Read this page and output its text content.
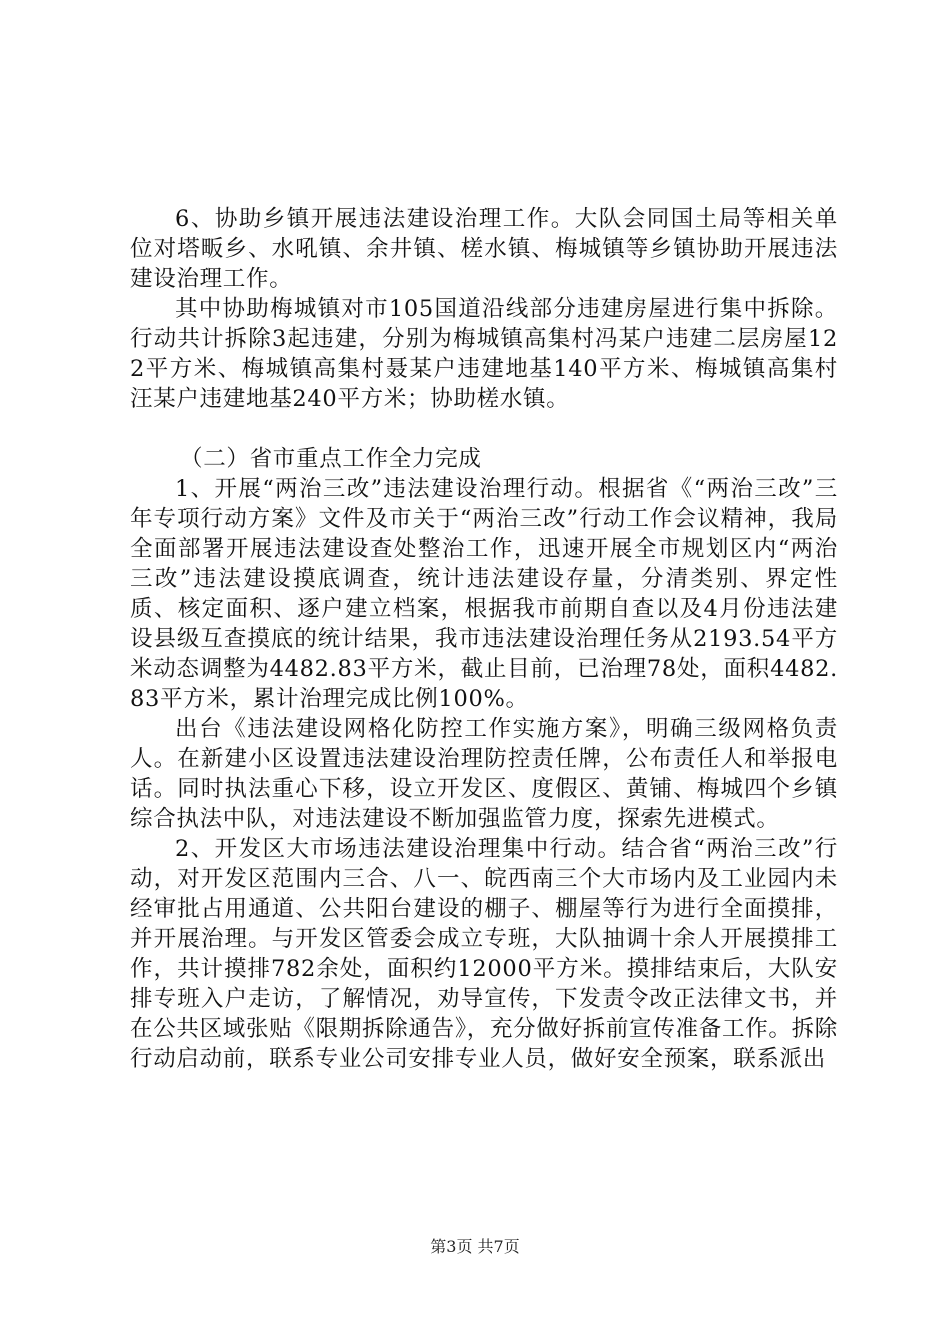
6、协助乡镇开展违法建设治理工作。大队会同国土局等相关单位对塔畈乡、水吼镇、余井镇、槎水镇、梅城镇等乡镇协助开展违法建设治理工作。

其中协助梅城镇对市105国道沿线部分违建房屋进行集中拆除。行动共计拆除3起违建，分别为梅城镇高集村冯某户违建二层房屋122平方米、梅城镇高集村聂某户违建地基140平方米、梅城镇高集村汪某户违建地基240平方米；协助槎水镇。

（二）省市重点工作全力完成

1、开展“两治三改”违法建设治理行动。根据省《“两治三改”三年专项行动方案》文件及市关于“两治三改”行动工作会议精神，我局全面部署开展违法建设查处整治工作，迅速开展全市规划区内“两治三改”违法建设摸底调查，统计违法建设存量，分清类别、界定性质、核定面积、逐户建立档案，根据我市前期自查以及4月份违法建设县级互查摸底的统计结果，我市违法建设治理任务从2193.54平方米动态调整为4482.83平方米，截止目前，已治理78处，面积4482.83平方米，累计治理完成比例100%。

出台《违法建设网格化防控工作实施方案》，明确三级网格负责人。在新建小区设置违法建设治理防控责任牌，公布责任人和举报电话。同时执法重心下移，设立开发区、度假区、黄铺、梅城四个乡镇综合执法中队，对违法建设不断加强监管力度，探索先进模式。

2、开发区大市场违法建设治理集中行动。结合省“两治三改”行动，对开发区范围内三合、八一、皖西南三个大市场内及工业园内未经审批占用通道、公共阳台建设的棚子、棚屋等行为进行全面摸排，并开展治理。与开发区管委会成立专班，大队抽调十余人开展摸排工作，共计摸排782余处，面积约12000平方米。摸排结束后，大队安排专班入户走访，了解情况，劝导宣传，下发责令改正法律文书，并在公共区域张贴《限期拆除通告》，充分做好拆前宣传准备工作。拆除行动启动前，联系专业公司安排专业人员，做好安全预案，联系派出

第3页 共7页
